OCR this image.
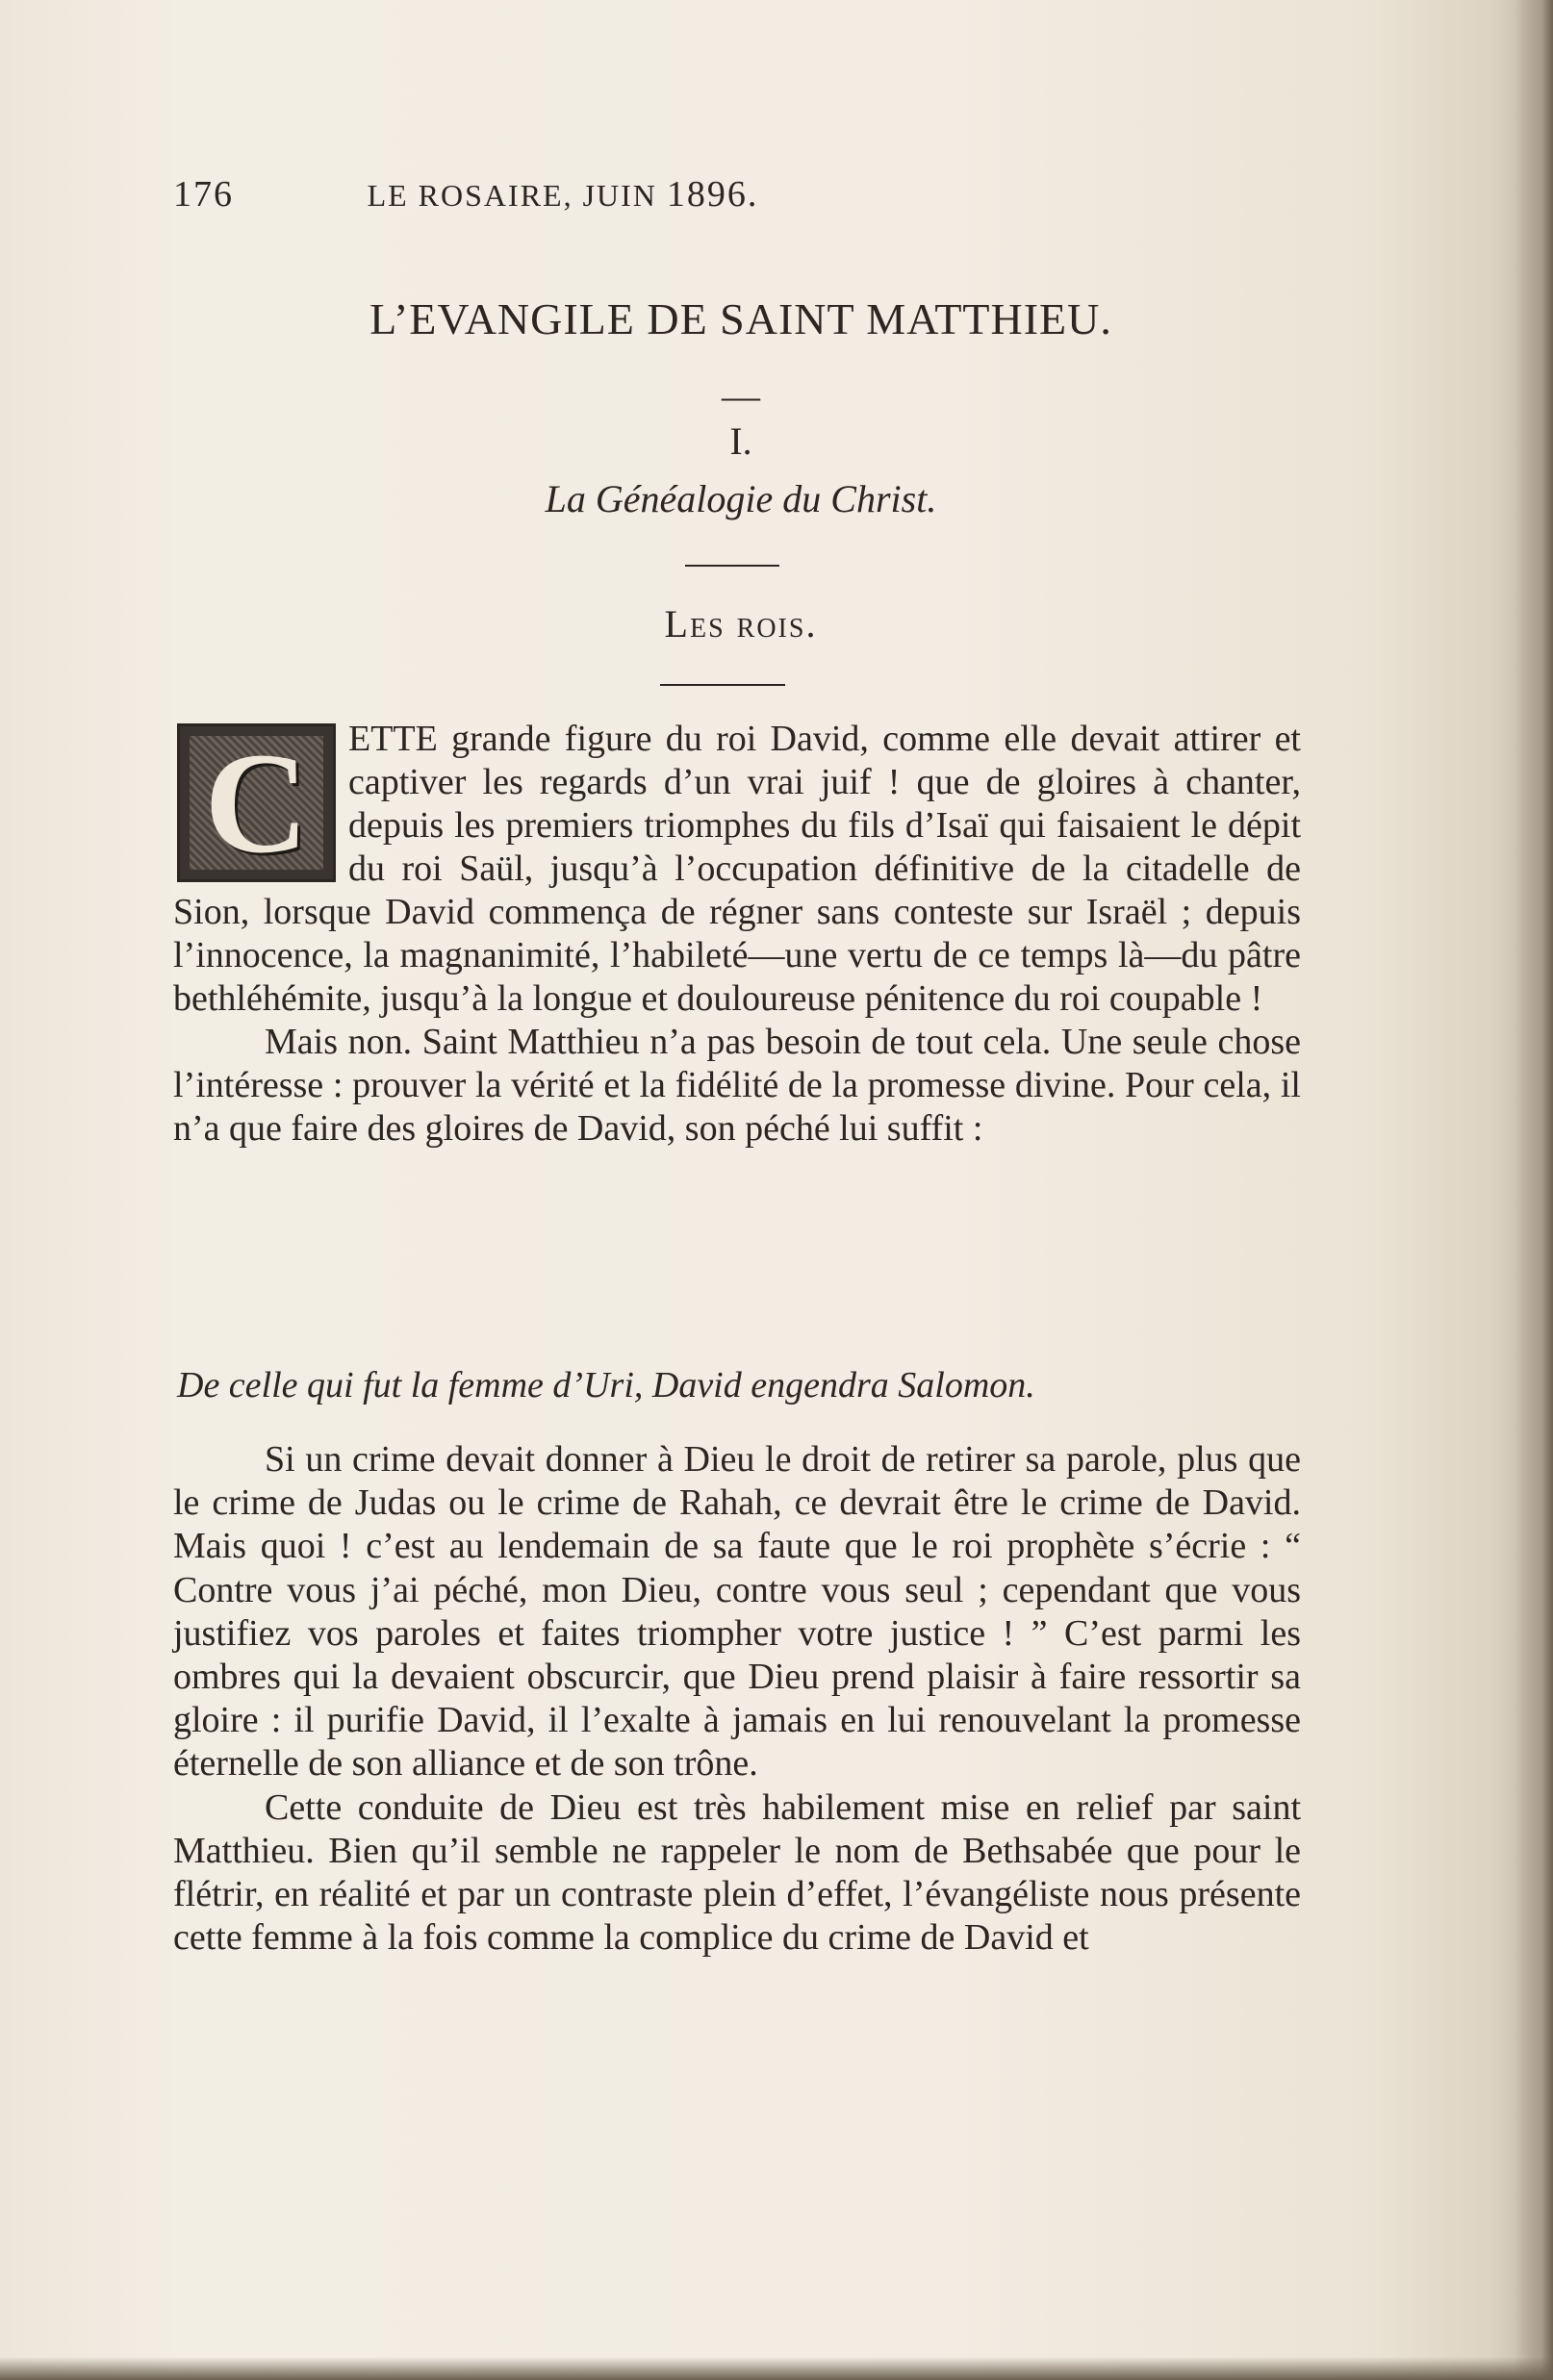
176	LE ROSAIRE, JUIN 1896.
L’EVANGILE DE SAINT MATTHIEU.
—
I.
La Généalogie du Christ.
Les rois.
C	ETTE grande figure du roi David, comme elle devait attirer et captiver les regards d’un vrai juif ! que de gloires à chanter, depuis les premiers triomphes du fils d’Isaï qui faisaient le dépit du roi Saül, jusqu’à l’occupation définitive de la citadelle de Sion, lorsque David commença de régner sans conteste sur Israël ; depuis l’innocence, la magnanimité, l’habileté—une vertu de ce temps là—du pâtre bethléhémite, jusqu’à la longue et douloureuse pénitence du roi coupable !

Mais non. Saint Matthieu n’a pas besoin de tout cela. Une seule chose l’intéresse : prouver la vérité et la fidélité de la promesse divine. Pour cela, il n’a que faire des gloires de David, son péché lui suffit :

De celle qui fut la femme d’Uri, David engendra Salomon.

Si un crime devait donner à Dieu le droit de retirer sa parole, plus que le crime de Judas ou le crime de Rahah, ce devrait être le crime de David. Mais quoi ! c’est au lendemain de sa faute que le roi prophète s’écrie : “ Contre vous j’ai péché, mon Dieu, contre vous seul ; cependant que vous justifiez vos paroles et faites triompher votre justice ! ” C’est parmi les ombres qui la devaient obscurcir, que Dieu prend plaisir à faire ressortir sa gloire : il purifie David, il l’exalte à jamais en lui renouvelant la promesse éternelle de son alliance et de son trône.

Cette conduite de Dieu est très habilement mise en relief par saint Matthieu. Bien qu’il semble ne rappeler le nom de Bethsabée que pour le flétrir, en réalité et par un contraste plein d’effet, l’évangéliste nous présente cette femme à la fois comme la complice du crime de David et
